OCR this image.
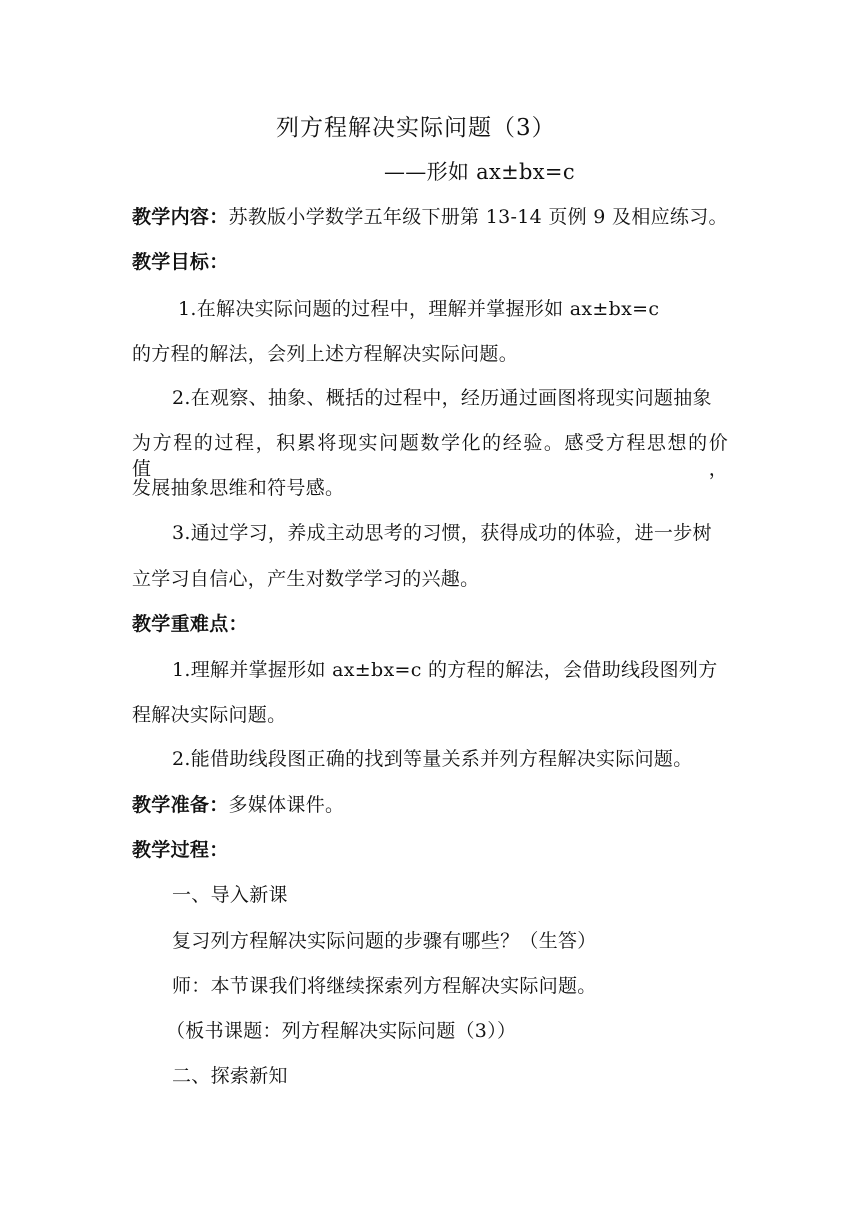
列方程解决实际问题（3）
——形如 ax±bx=c
教学内容：苏教版小学数学五年级下册第 13-14 页例 9 及相应练习。
教学目标：
1.在解决实际问题的过程中，理解并掌握形如 ax±bx=c
的方程的解法，会列上述方程解决实际问题。
2.在观察、抽象、概括的过程中，经历通过画图将现实问题抽象
为方程的过程，积累将现实问题数学化的经验。感受方程思想的价值，
发展抽象思维和符号感。
3.通过学习，养成主动思考的习惯，获得成功的体验，进一步树
立学习自信心，产生对数学学习的兴趣。
教学重难点：
1.理解并掌握形如 ax±bx=c 的方程的解法，会借助线段图列方
程解决实际问题。
2.能借助线段图正确的找到等量关系并列方程解决实际问题。
教学准备：多媒体课件。
教学过程：
一、导入新课
复习列方程解决实际问题的步骤有哪些？（生答）
师：本节课我们将继续探索列方程解决实际问题。
（板书课题：列方程解决实际问题（3））
二、探索新知
